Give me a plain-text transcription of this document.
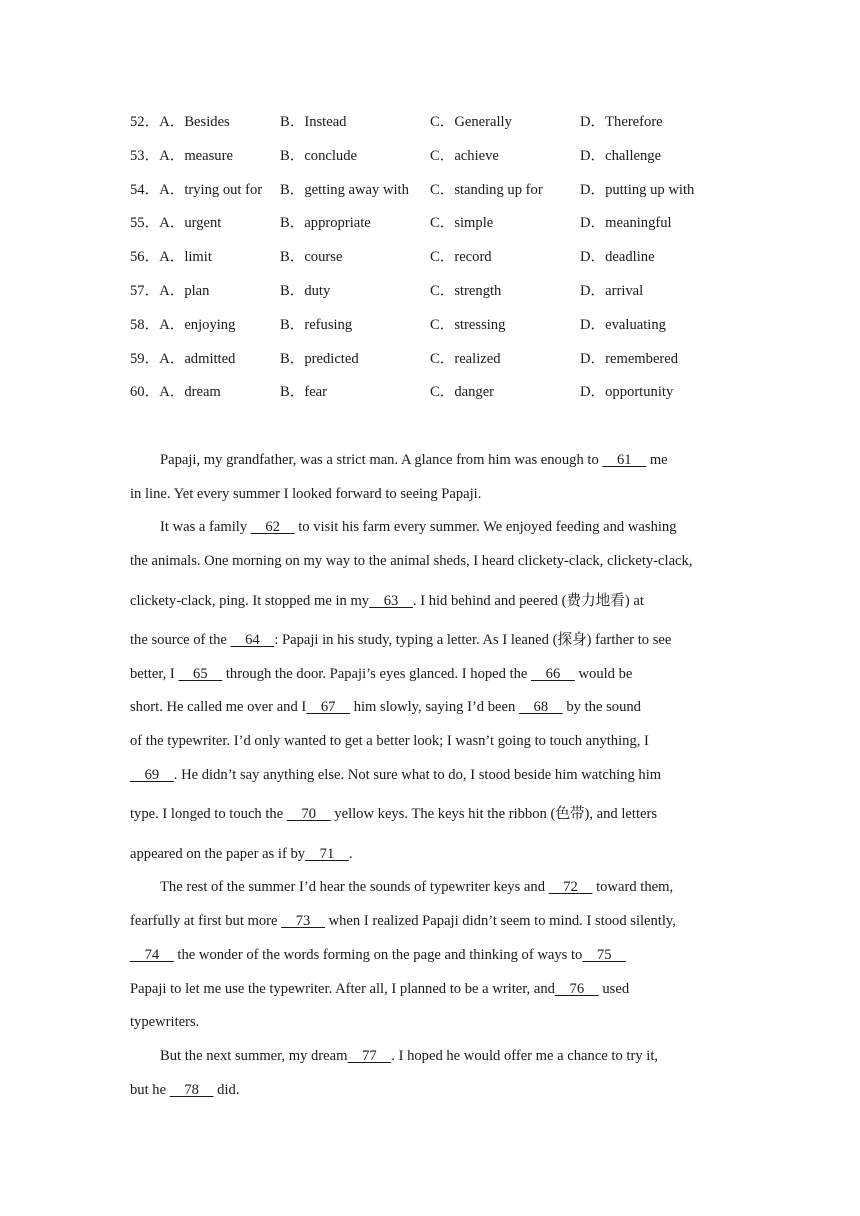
52．A．Besides	B．Instead	C．Generally	D．Therefore
53．A．measure	B．conclude	C．achieve	D．challenge
54．A．trying out for B．getting away with C．standing up for	D．putting up with
55．A．urgent	B．appropriate	C．simple	D．meaningful
56．A．limit	B．course	C．record	D．deadline
57．A．plan	B．duty	C．strength	D．arrival
58．A．enjoying	B．refusing	C．stressing	D．evaluating
59．A．admitted	B．predicted	C．realized	D．remembered
60．A．dream	B．fear	C．danger	D．opportunity
Papaji, my grandfather, was a strict man. A glance from him was enough to     61     me
in line. Yet every summer I looked forward to seeing Papaji.
It was a family     62     to visit his farm every summer. We enjoyed feeding and washing
the animals. One morning on my way to the animal sheds, I heard clickety-clack, clickety-clack,
clickety-clack, ping. It stopped me in my    63    . I hid behind and peered (费力地看) at
the source of the     64    : Papaji in his study, typing a letter. As I leaned (探身) farther to see
better, I     65     through the door. Papaji’s eyes glanced. I hoped the     66     would be
short. He called me over and I    67     him slowly, saying I’d been     68     by the sound
of the typewriter. I’d only wanted to get a better look; I wasn’t going to touch anything, I
69    . He didn’t say anything else. Not sure what to do, I stood beside him watching him
type. I longed to touch the     70     yellow keys. The keys hit the ribbon (色带), and letters
appeared on the paper as if by    71    .
The rest of the summer I’d hear the sounds of typewriter keys and     72     toward them,
fearfully at first but more     73     when I realized Papaji didn’t seem to mind. I stood silently,
74     the wonder of the words forming on the page and thinking of ways to    75
Papaji to let me use the typewriter. After all, I planned to be a writer, and    76     used
typewriters.
But the next summer, my dream    77    . I hoped he would offer me a chance to try it,
but he     78     did.
